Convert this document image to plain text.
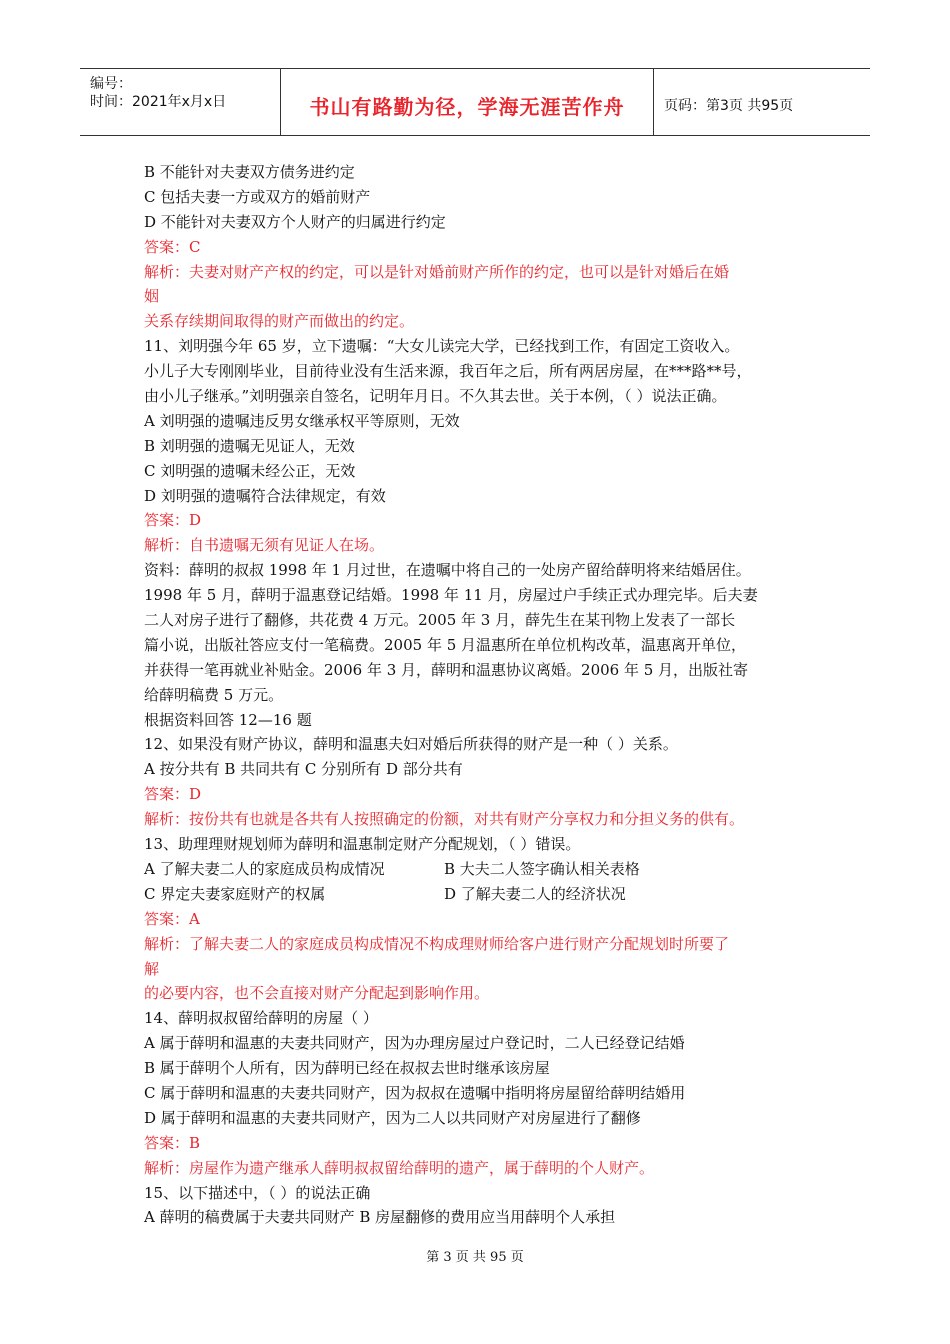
编号：
时间：2021年x月x日	书山有路勤为径，学海无涯苦作舟	页码：第3页 共95页
B 不能针对夫妻双方债务进约定
C 包括夫妻一方或双方的婚前财产
D 不能针对夫妻双方个人财产的归属进行约定
答案：C
解析：夫妻对财产产权的约定，可以是针对婚前财产所作的约定，也可以是针对婚后在婚
姻
关系存续期间取得的财产而做出的约定。
11、刘明强今年 65 岁，立下遗嘱：“大女儿读完大学，已经找到工作，有固定工资收入。
小儿子大专刚刚毕业，目前待业没有生活来源，我百年之后，所有两居房屋，在***路**号，
由小儿子继承。”刘明强亲自签名，记明年月日。不久其去世。关于本例，（ ）说法正确。
A 刘明强的遗嘱违反男女继承权平等原则，无效
B 刘明强的遗嘱无见证人，无效
C 刘明强的遗嘱未经公正，无效
D 刘明强的遗嘱符合法律规定，有效
答案：D
解析：自书遗嘱无须有见证人在场。
资料：薛明的叔叔 1998 年 1 月过世，在遗嘱中将自己的一处房产留给薛明将来结婚居住。
1998 年 5 月，薛明于温惠登记结婚。1998 年 11 月，房屋过户手续正式办理完毕。后夫妻
二人对房子进行了翻修，共花费 4 万元。2005 年 3 月，薛先生在某刊物上发表了一部长
篇小说，出版社答应支付一笔稿费。2005 年 5 月温惠所在单位机构改革，温惠离开单位，
并获得一笔再就业补贴金。2006 年 3 月，薛明和温惠协议离婚。2006 年 5 月，出版社寄
给薛明稿费 5 万元。
根据资料回答 12—16 题
12、如果没有财产协议，薛明和温惠夫妇对婚后所获得的财产是一种（ ）关系。
A 按分共有 B 共同共有 C 分别所有 D 部分共有
答案：D
解析：按份共有也就是各共有人按照确定的份额，对共有财产分享权力和分担义务的供有。
13、助理理财规划师为薛明和温惠制定财产分配规划，（ ）错误。
A 了解夫妻二人的家庭成员构成情况	B 大夫二人签字确认相关表格
C 界定夫妻家庭财产的权属	D 了解夫妻二人的经济状况
答案：A
解析：了解夫妻二人的家庭成员构成情况不构成理财师给客户进行财产分配规划时所要了
解
的必要内容，也不会直接对财产分配起到影响作用。
14、薛明叔叔留给薛明的房屋（ ）
A 属于薛明和温惠的夫妻共同财产，因为办理房屋过户登记时，二人已经登记结婚
B 属于薛明个人所有，因为薛明已经在叔叔去世时继承该房屋
C 属于薛明和温惠的夫妻共同财产，因为叔叔在遗嘱中指明将房屋留给薛明结婚用
D 属于薛明和温惠的夫妻共同财产，因为二人以共同财产对房屋进行了翻修
答案：B
解析：房屋作为遗产继承人薛明叔叔留给薛明的遗产，属于薛明的个人财产。
15、以下描述中，（ ）的说法正确
A 薛明的稿费属于夫妻共同财产 B 房屋翻修的费用应当用薛明个人承担
第 3 页 共 95 页
